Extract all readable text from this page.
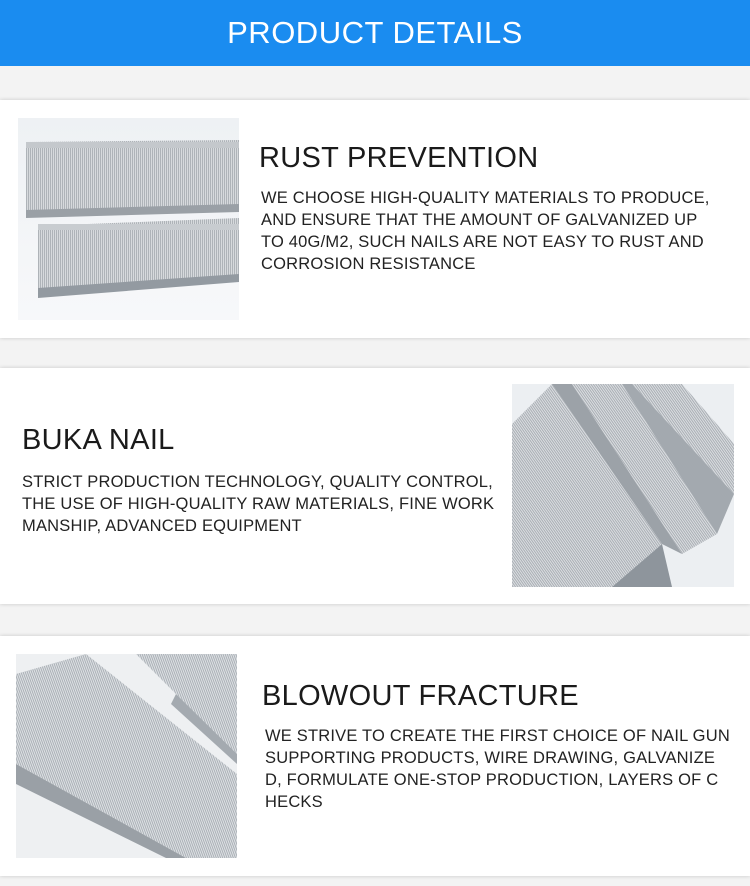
PRODUCT DETAILS
RUST PREVENTION
WE CHOOSE HIGH-QUALITY MATERIALS TO PRODUCE,
AND ENSURE THAT THE AMOUNT OF GALVANIZED UP
TO 40G/M2, SUCH NAILS ARE NOT EASY TO RUST AND
CORROSION RESISTANCE
BUKA NAIL
STRICT PRODUCTION TECHNOLOGY, QUALITY CONTROL,
THE USE OF HIGH-QUALITY RAW MATERIALS, FINE WORK
MANSHIP, ADVANCED EQUIPMENT
BLOWOUT FRACTURE
WE STRIVE TO CREATE THE FIRST CHOICE OF NAIL GUN
SUPPORTING PRODUCTS, WIRE DRAWING, GALVANIZE
D, FORMULATE ONE-STOP PRODUCTION, LAYERS OF C
HECKS
